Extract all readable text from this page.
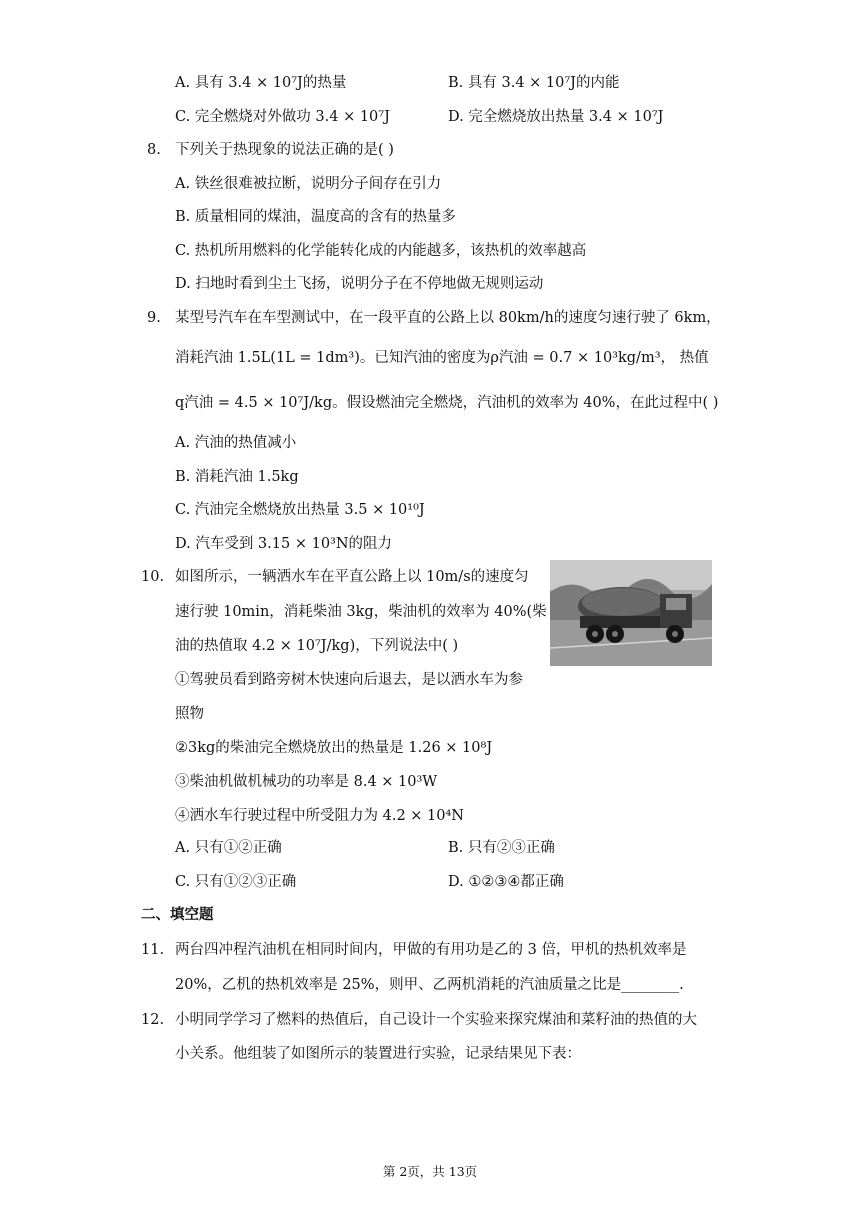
A. 具有 3.4 × 10⁷J的热量	B. 具有 3.4 × 10⁷J的内能
C. 完全燃烧对外做功 3.4 × 10⁷J	D. 完全燃烧放出热量 3.4 × 10⁷J
8. 下列关于热现象的说法正确的是( )
A. 铁丝很难被拉断，说明分子间存在引力
B. 质量相同的煤油，温度高的含有的热量多
C. 热机所用燃料的化学能转化成的内能越多，该热机的效率越高
D. 扫地时看到尘土飞扬，说明分子在不停地做无规则运动
9. 某型号汽车在车型测试中，在一段平直的公路上以 80km/h的速度匀速行驶了 6km，
消耗汽油 1.5L(1L = 1dm³)。已知汽油的密度为ρ汽油 = 0.7 × 10³kg/m³， 热值
q汽油 = 4.5 × 10⁷J/kg。假设燃油完全燃烧，汽油机的效率为 40%，在此过程中( )
A. 汽油的热值减小
B. 消耗汽油 1.5kg
C. 汽油完全燃烧放出热量 3.5 × 10¹⁰J
D. 汽车受到 3.15 × 10³N的阻力
10. 如图所示，一辆洒水车在平直公路上以 10m/s的速度匀
速行驶 10min，消耗柴油 3kg，柴油机的效率为 40%(柴
油的热值取 4.2 × 10⁷J/kg)，下列说法中( )
①驾驶员看到路旁树木快速向后退去，是以洒水车为参
照物
②3kg的柴油完全燃烧放出的热量是 1.26 × 10⁸J
③柴油机做机械功的功率是 8.4 × 10³W
④洒水车行驶过程中所受阻力为 4.2 × 10⁴N
A. 只有①②正确	B. 只有②③正确
C. 只有①②③正确	D. ①②③④都正确
二、填空题
11. 两台四冲程汽油机在相同时间内，甲做的有用功是乙的 3 倍，甲机的热机效率是
20%，乙机的热机效率是 25%，则甲、乙两机消耗的汽油质量之比是________.
12. 小明同学学习了燃料的热值后，自己设计一个实验来探究煤油和菜籽油的热值的大
小关系。他组装了如图所示的装置进行实验，记录结果见下表：
第 2页，共 13页
